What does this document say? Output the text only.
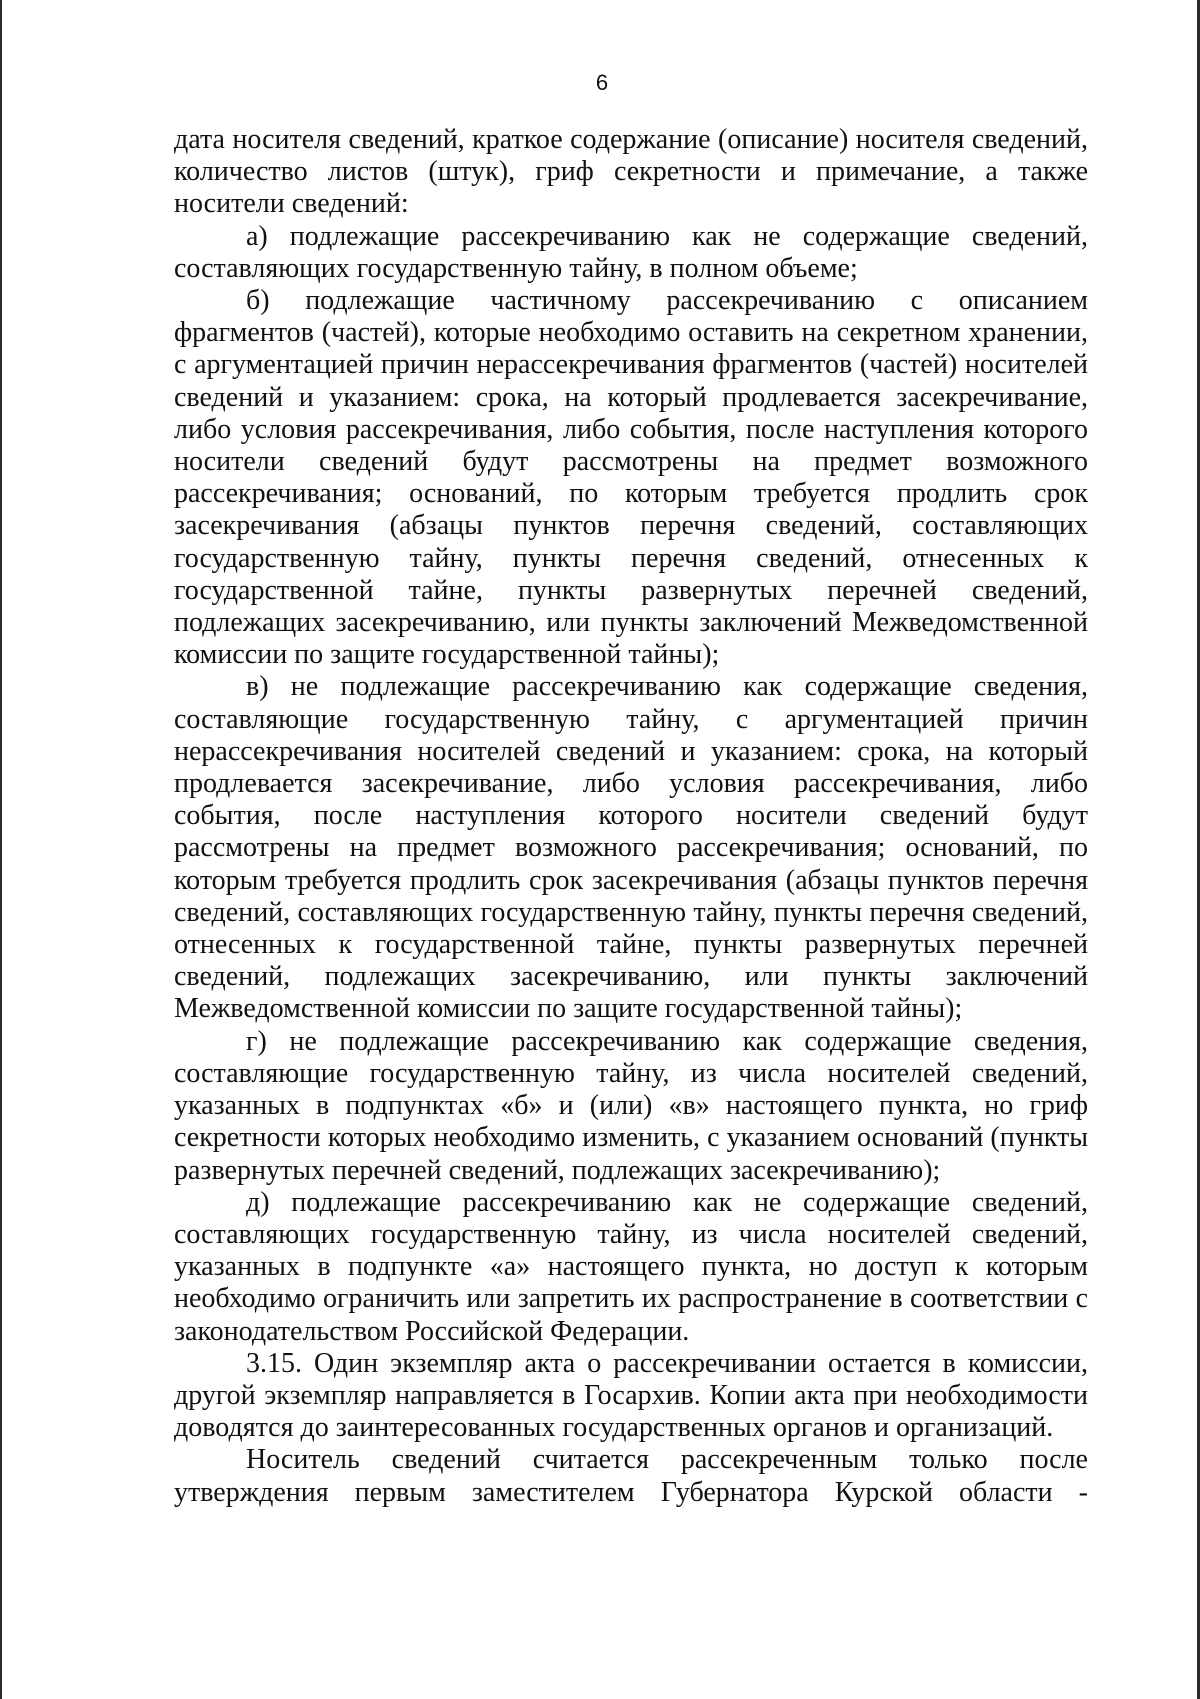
6

дата носителя сведений, краткое содержание (описание) носителя сведений, количество листов (штук), гриф секретности и примечание, а также носители сведений:

а) подлежащие рассекречиванию как не содержащие сведений, составляющих государственную тайну, в полном объеме;

б) подлежащие частичному рассекречиванию с описанием фрагментов (частей), которые необходимо оставить на секретном хранении, с аргументацией причин нерассекречивания фрагментов (частей) носителей сведений и указанием: срока, на который продлевается засекречивание, либо условия рассекречивания, либо события, после наступления которого носители сведений будут рассмотрены на предмет возможного рассекречивания; оснований, по которым требуется продлить срок засекречивания (абзацы пунктов перечня сведений, составляющих государственную тайну, пункты перечня сведений, отнесенных к государственной тайне, пункты развернутых перечней сведений, подлежащих засекречиванию, или пункты заключений Межведомственной комиссии по защите государственной тайны);

в) не подлежащие рассекречиванию как содержащие сведения, составляющие государственную тайну, с аргументацией причин нерассекречивания носителей сведений и указанием: срока, на который продлевается засекречивание, либо условия рассекречивания, либо события, после наступления которого носители сведений будут рассмотрены на предмет возможного рассекречивания; оснований, по которым требуется продлить срок засекречивания (абзацы пунктов перечня сведений, составляющих государственную тайну, пункты перечня сведений, отнесенных к государственной тайне, пункты развернутых перечней сведений, подлежащих засекречиванию, или пункты заключений Межведомственной комиссии по защите государственной тайны);

г) не подлежащие рассекречиванию как содержащие сведения, составляющие государственную тайну, из числа носителей сведений, указанных в подпунктах «б» и (или) «в» настоящего пункта, но гриф секретности которых необходимо изменить, с указанием оснований (пункты развернутых перечней сведений, подлежащих засекречиванию);

д) подлежащие рассекречиванию как не содержащие сведений, составляющих государственную тайну, из числа носителей сведений, указанных в подпункте «а» настоящего пункта, но доступ к которым необходимо ограничить или запретить их распространение в соответствии с законодательством Российской Федерации.

3.15. Один экземпляр акта о рассекречивании остается в комиссии, другой экземпляр направляется в Госархив. Копии акта при необходимости доводятся до заинтересованных государственных органов и организаций.

Носитель сведений считается рассекреченным только после утверждения первым заместителем Губернатора Курской области -
